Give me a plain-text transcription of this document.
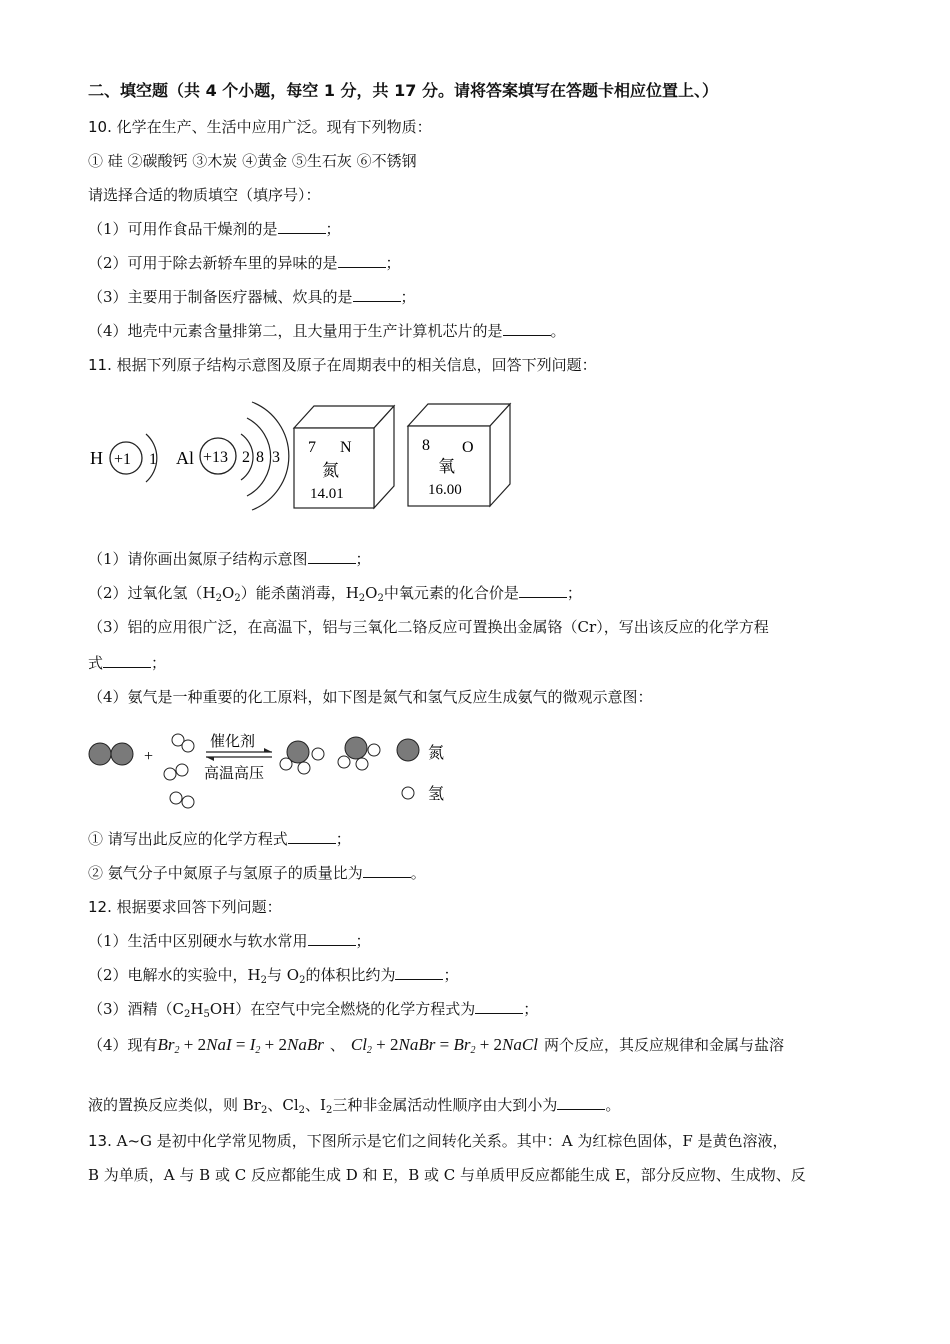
二、填空题（共 4 个小题，每空 1 分，共 17 分。请将答案填写在答题卡相应位置上、）
10. 化学在生产、生活中应用广泛。现有下列物质：
① 硅 ②碳酸钙 ③木炭 ④黄金 ⑤生石灰 ⑥不锈钢
请选择合适的物质填空（填序号）：
（1）可用作食品干燥剂的是	；
（2）可用于除去新轿车里的异味的是	；
（3）主要用于制备医疗器械、炊具的是	；
（4）地壳中元素含量排第二，且大量用于生产计算机芯片的是	。
11. 根据下列原子结构示意图及原子在周期表中的相关信息，回答下列问题：
H +1 1 Al +13 2 8 3
7 N
氮
14.01
8 O
氧
16.00
（1）请你画出氮原子结构示意图	；
（2）过氧化氢$(H_2O_2)$能杀菌消毒，$H_2O_2$中氧元素的化合价是	；
（3）铝的应用很广泛，在高温下，铝与三氧化二铬反应可置换出金属铬（Cr），写出该反应的化学方程
式	；
（4）氨气是一种重要的化工原料，如下图是氮气和氢气反应生成氨气的微观示意图：
+
催化剂
高温高压
氮
氢
① 请写出此反应的化学方程式	；
② 氨气分子中氮原子与氢原子的质量比为	。
12. 根据要求回答下列问题：
（1）生活中区别硬水与软水常用	；
（2）电解水的实验中，$H_2$与 $O_2$的体积比约为	；
（3）酒精$(C_2H_5OH)$在空气中完全燃烧的化学方程式为	；
（4）现有$Br_2 + 2NaI = I_2$ + 2NaBr 、 $Cl_2$ + 2NaBr = $Br_2$ + 2NaCl 两个反应，其反应规律和金属与盐溶
液的置换反应类似，则 $Br_2$、$Cl_2$、$I_2$三种非金属活动性顺序由大到小为	。
13. A~G 是初中化学常见物质，下图所示是它们之间转化关系。其中：A 为红棕色固体，F 是黄色溶液，
B 为单质，A 与 B 或 C 反应都能生成 D 和 E，B 或 C 与单质甲反应都能生成 E，部分反应物、生成物、反
